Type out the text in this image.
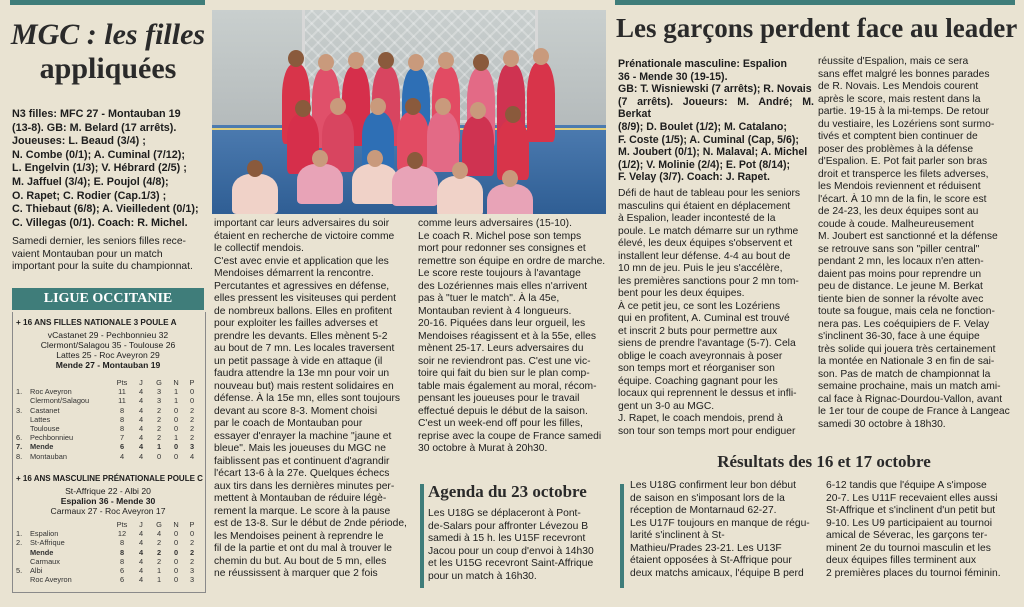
MGC : les filles
appliquées
N3 filles: MFC 27 - Montauban 19
(13-8). GB: M. Belard (17 arrêts).
Joueuses: L. Beaud (3/4) ;
N. Combe (0/1); A. Cuminal (7/12);
L. Engelvin (1/3); V. Hébrard (2/5) ;
M. Jaffuel (3/4); E. Poujol (4/8);
O. Rapet; C. Rodier (Cap.1/3) ;
C. Thiebaut (6/8); A. Vieilledent (0/1);
C. Villegas (0/1). Coach: R. Michel.
Samedi dernier, les seniors filles rece-
vaient Montauban pour un match
important pour la suite du championnat.
LIGUE OCCITANIE
+ 16 ANS FILLES NATIONALE 3 POULE A
vCastanet 29 - Pechbonnieu 32
Clermont/Salagou 35 - Toulouse 26
Lattes 25 - Roc Aveyron 29
Mende 27 - Montauban 19
Pts	J	G	N	P
1.	Roc Aveyron	11	4	3	1	0
Clermont/Salagou	11	4	3	1	0
3.	Castanet	8	4	2	0	2
Lattes	8	4	2	0	2
Toulouse	8	4	2	0	2
6.	Pechbonnieu	7	4	2	1	2
7.	Mende	6	4	1	0	3
8.	Montauban	4	4	0	0	4
+ 16 ANS MASCULINE PRÉNATIONALE POULE C
St-Affrique 22 - Albi 20
Espalion 36 - Mende 30
Carmaux 27 - Roc Aveyron 17
Pts	J	G	N	P
1.	Espalion	12	4	4	0	0
2.	St-Affrique	8	4	2	0	2
Mende	8	4	2	0	2
Carmaux	8	4	2	0	2
5.	Albi	6	4	1	0	3
Roc Aveyron	6	4	1	0	3
important car leurs adversaires du soir
étaient en recherche de victoire comme
le collectif mendois.
C'est avec envie et application que les
Mendoises démarrent la rencontre.
Percutantes et agressives en défense,
elles pressent les visiteuses qui perdent
de nombreux ballons. Elles en profitent
pour exploiter les failles adverses et
prendre les devants. Elles mènent 5-2
au bout de 7 mn. Les locales traversent
un petit passage à vide en attaque (il
faudra attendre la 13e mn pour voir un
nouveau but) mais restent solidaires en
défense. À la 15e mn, elles sont toujours
devant au score 8-3. Moment choisi
par le coach de Montauban pour
essayer d'enrayer la machine "jaune et
bleue". Mais les joueuses du MGC ne
faiblissent pas et continuent d'agrandir
l'écart 13-6 à la 27e. Quelques échecs
aux tirs dans les dernières minutes per-
mettent à Montauban de réduire légè-
rement la marque. Le score à la pause
est de 13-8. Sur le début de 2nde période,
les Mendoises peinent à reprendre le
fil de la partie et ont du mal à trouver le
chemin du but. Au bout de 5 mn, elles
ne réussissent à marquer que 2 fois
comme leurs adversaires (15-10).
Le coach R. Michel pose son temps
mort pour redonner ses consignes et
remettre son équipe en ordre de marche.
Le score reste toujours à l'avantage
des Lozériennes mais elles n'arrivent
pas à "tuer le match". À la 45e,
Montauban revient à 4 longueurs.
20-16. Piquées dans leur orgueil, les
Mendoises réagissent et à la 55e, elles
mènent 25-17. Leurs adversaires du
soir ne reviendront pas. C'est une vic-
toire qui fait du bien sur le plan comp-
table mais également au moral, récom-
pensant les joueuses pour le travail
effectué depuis le début de la saison.
C'est un week-end off pour les filles,
reprise avec la coupe de France samedi
30 octobre à Murat à 20h30.
Agenda du 23 octobre
Les U18G se déplaceront à Pont-
de-Salars pour affronter Lévezou B
samedi à 15 h. les U15F recevront
Jacou pour un coup d'envoi à 14h30
et les U15G recevront Saint-Affrique
pour un match à 16h30.
Les garçons perdent face au leader
Prénationale masculine: Espalion
36 - Mende 30 (19-15).
GB: T. Wisniewski (7 arrêts); R. Novais
(7 arrêts). Joueurs: M. André; M. Berkat
(8/9); D. Boulet (1/2); M. Catalano;
F. Coste (1/5); A. Cuminal (Cap, 5/6);
M. Joubert (0/1); N. Malaval; A. Michel
(1/2); V. Molinie (2/4); E. Pot (8/14);
F. Velay (3/7). Coach: J. Rapet.
Défi de haut de tableau pour les seniors
masculins qui étaient en déplacement
à Espalion, leader incontesté de la
poule. Le match démarre sur un rythme
élevé, les deux équipes s'observent et
installent leur défense. 4-4 au bout de
10 mn de jeu. Puis le jeu s'accélère,
les premières sanctions pour 2 mn tom-
bent pour les deux équipes.
À ce petit jeu, ce sont les Lozériens
qui en profitent, A. Cuminal est trouvé
et inscrit 2 buts pour permettre aux
siens de prendre l'avantage (5-7). Cela
oblige le coach aveyronnais à poser
son temps mort et réorganiser son
équipe. Coaching gagnant pour les
locaux qui reprennent le dessus et infli-
gent un 3-0 au MGC.
J. Rapet, le coach mendois, prend à
son tour son temps mort pour endiguer
réussite d'Espalion, mais ce sera
sans effet malgré les bonnes parades
de R. Novais. Les Mendois courent
après le score, mais restent dans la
partie. 19-15 à la mi-temps. De retour
du vestiaire, les Lozériens sont surmo-
tivés et comptent bien continuer de
poser des problèmes à la défense
d'Espalion. E. Pot fait parler son bras
droit et transperce les filets adverses,
les Mendois reviennent et réduisent
l'écart. À 10 mn de la fin, le score est
de 24-23, les deux équipes sont au
coude à coude. Malheureusement
M. Joubert est sanctionné et la défense
se retrouve sans son "piller central"
pendant 2 mn, les locaux n'en atten-
daient pas moins pour reprendre un
peu de distance. Le jeune M. Berkat
tiente bien de sonner la révolte avec
toute sa fougue, mais cela ne fonction-
nera pas. Les coéquipiers de F. Velay
s'inclinent 36-30, face à une équipe
très solide qui jouera très certainement
la montée en Nationale 3 en fin de sai-
son. Pas de match de championnat la
semaine prochaine, mais un match ami-
cal face à Rignac-Dourdou-Vallon, avant
le 1er tour de coupe de France à Langeac
samedi 30 octobre à 18h30.
Résultats des 16 et 17 octobre
Les U18G confirment leur bon début
de saison en s'imposant lors de la
réception de Montarnaud 62-27.
Les U17F toujours en manque de régu-
larité s'inclinent à St-
Mathieu/Prades 23-21. Les U13F
étaient opposées à St-Affrique pour
deux matchs amicaux, l'équipe B perd
6-12 tandis que l'équipe A s'impose
20-7. Les U11F recevaient elles aussi
St-Affrique et s'inclinent d'un petit but
9-10. Les U9 participaient au tournoi
amical de Séverac, les garçons ter-
minent 2e du tournoi masculin et les
deux équipes filles terminent aux
2 premières places du tournoi féminin.
